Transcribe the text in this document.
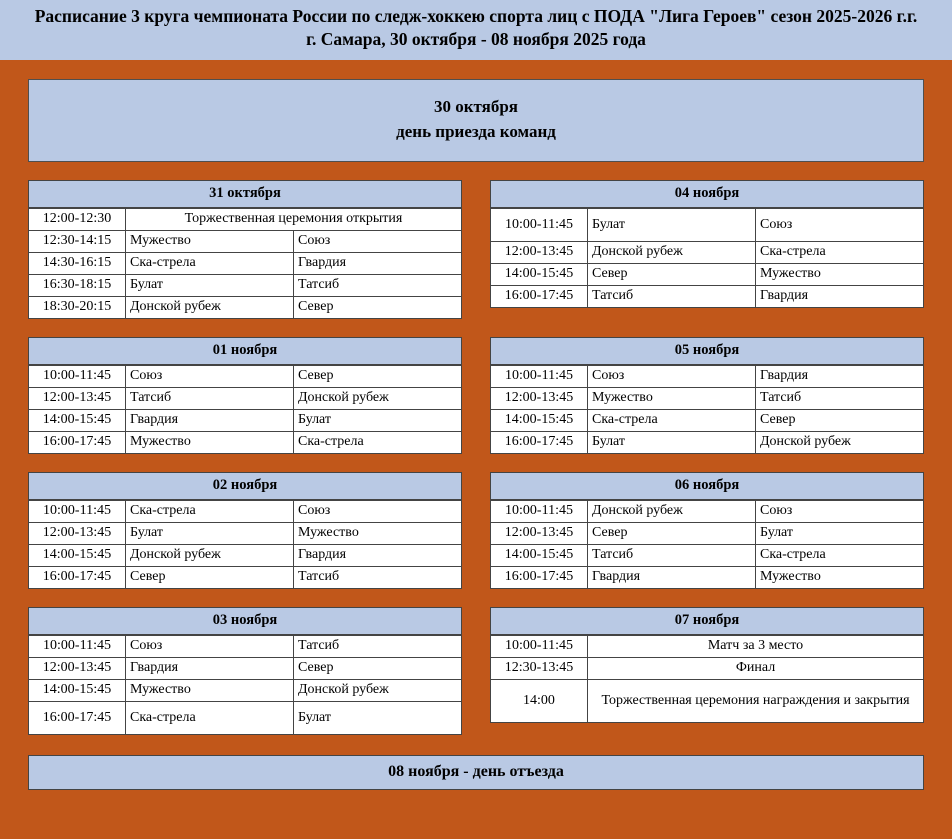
Расписание 3 круга чемпионата России по следж-хоккею спорта лиц с ПОДА "Лига Героев" сезон 2025-2026 г.г.
г. Самара, 30 октября - 08 ноября 2025 года
30 октября
день приезда команд
31 октября
12:00-12:30	Торжественная церемония открытия	
12:30-14:15	Мужество	Союз
14:30-16:15	Ска-стрела	Гвардия
16:30-18:15	Булат	Татсиб
18:30-20:15	Донской рубеж	Север
04 ноября
10:00-11:45	Булат	Союз
12:00-13:45	Донской рубеж	Ска-стрела
14:00-15:45	Север	Мужество
16:00-17:45	Татсиб	Гвардия
01 ноября
10:00-11:45	Союз	Север
12:00-13:45	Татсиб	Донской рубеж
14:00-15:45	Гвардия	Булат
16:00-17:45	Мужество	Ска-стрела
05 ноября
10:00-11:45	Союз	Гвардия
12:00-13:45	Мужество	Татсиб
14:00-15:45	Ска-стрела	Север
16:00-17:45	Булат	Донской рубеж
02 ноября
10:00-11:45	Ска-стрела	Союз
12:00-13:45	Булат	Мужество
14:00-15:45	Донской рубеж	Гвардия
16:00-17:45	Север	Татсиб
06 ноября
10:00-11:45	Донской рубеж	Союз
12:00-13:45	Север	Булат
14:00-15:45	Татсиб	Ска-стрела
16:00-17:45	Гвардия	Мужество
03 ноября
10:00-11:45	Союз	Татсиб
12:00-13:45	Гвардия	Север
14:00-15:45	Мужество	Донской рубеж
16:00-17:45	Ска-стрела	Булат
07 ноября
10:00-11:45	Матч за 3 место
12:30-13:45	Финал
14:00	Торжественная церемония награждения и закрытия
08 ноября - день отъезда
